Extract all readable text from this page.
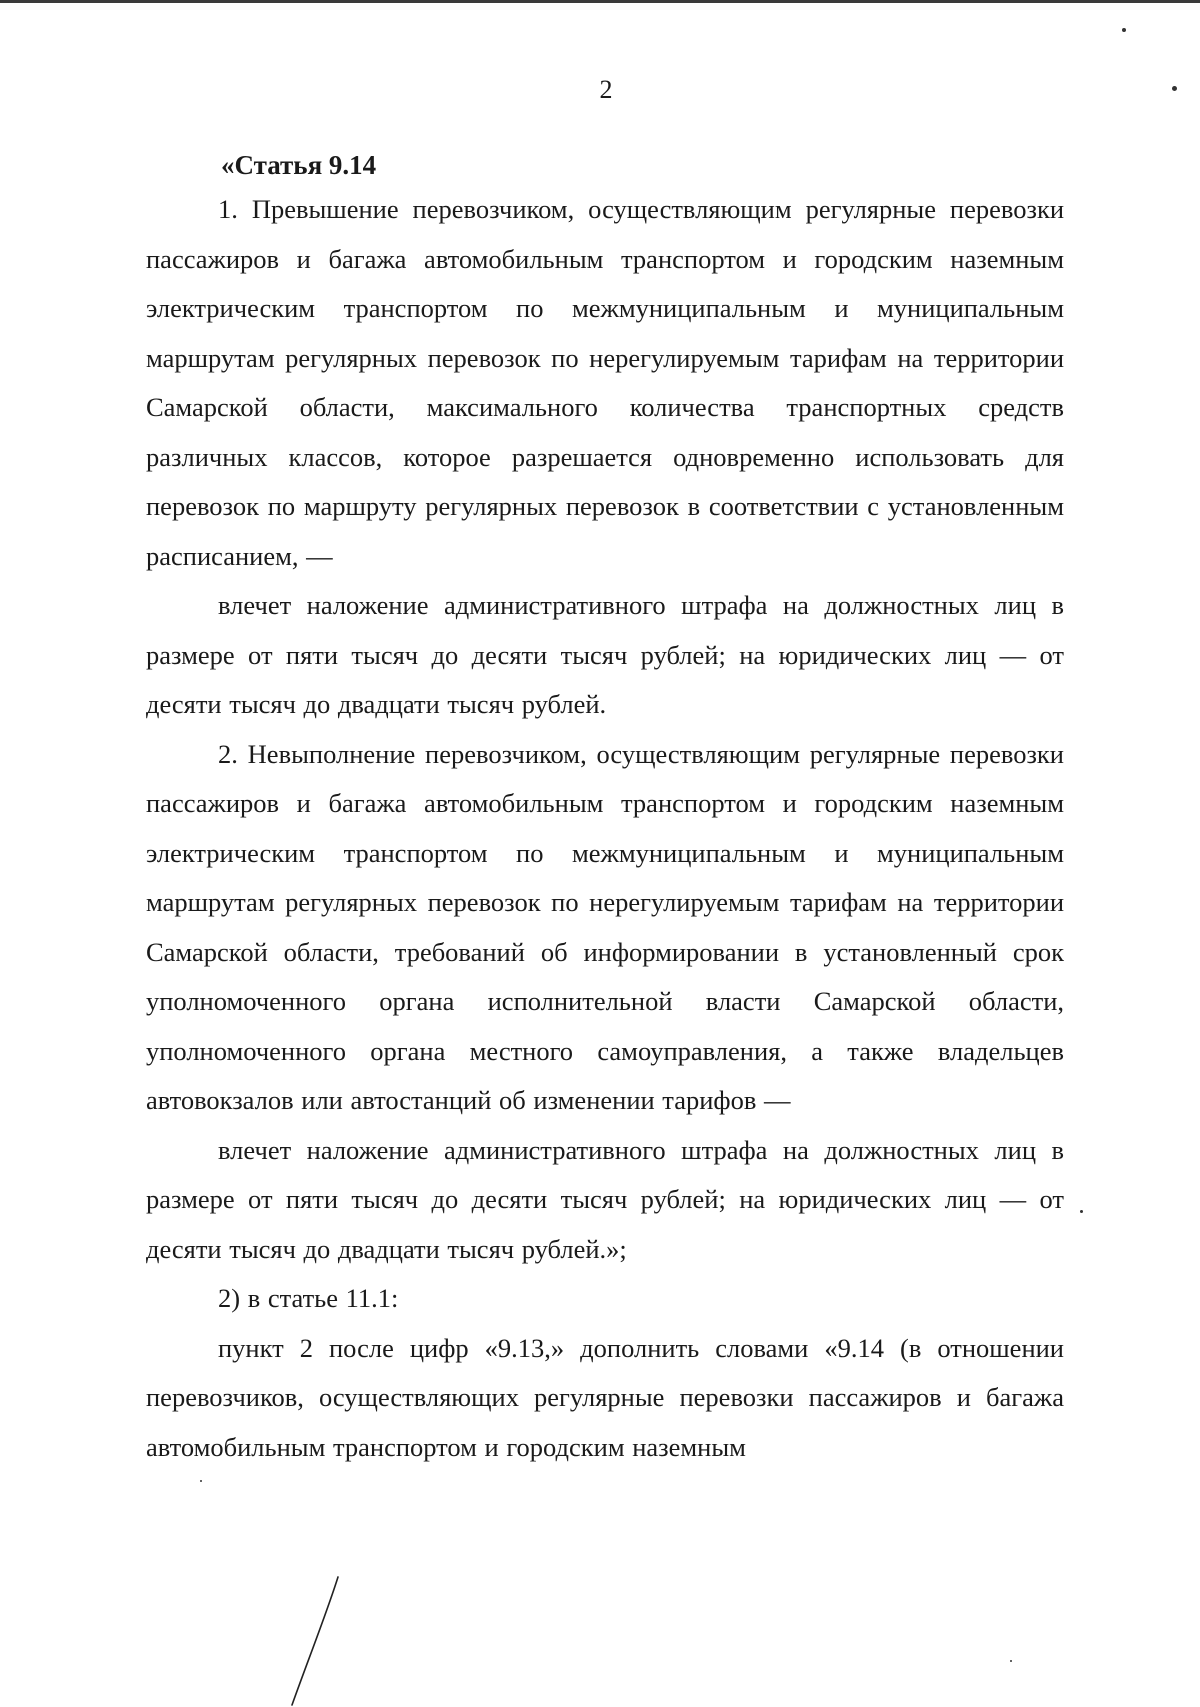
2

«Статья 9.14

1. Превышение перевозчиком, осуществляющим регулярные перевозки пассажиров и багажа автомобильным транспортом и городским наземным электрическим транспортом по межмуниципальным и муниципальным маршрутам регулярных перевозок по нерегулируемым тарифам на территории Самарской области, максимального количества транспортных средств различных классов, которое разрешается одновременно использовать для перевозок по маршруту регулярных перевозок в соответствии с установленным расписанием, —

влечет наложение административного штрафа на должностных лиц в размере от пяти тысяч до десяти тысяч рублей; на юридических лиц — от десяти тысяч до двадцати тысяч рублей.

2. Невыполнение перевозчиком, осуществляющим регулярные перевозки пассажиров и багажа автомобильным транспортом и городским наземным электрическим транспортом по межмуниципальным и муниципальным маршрутам регулярных перевозок по нерегулируемым тарифам на территории Самарской области, требований об информировании в установленный срок уполномоченного органа исполнительной власти Самарской области, уполномоченного органа местного самоуправления, а также владельцев автовокзалов или автостанций об изменении тарифов —

влечет наложение административного штрафа на должностных лиц в размере от пяти тысяч до десяти тысяч рублей; на юридических лиц — от десяти тысяч до двадцати тысяч рублей.»;

2) в статье 11.1:

пункт 2 после цифр «9.13,» дополнить словами «9.14 (в отношении перевозчиков, осуществляющих регулярные перевозки пассажиров и багажа автомобильным транспортом и городским наземным
